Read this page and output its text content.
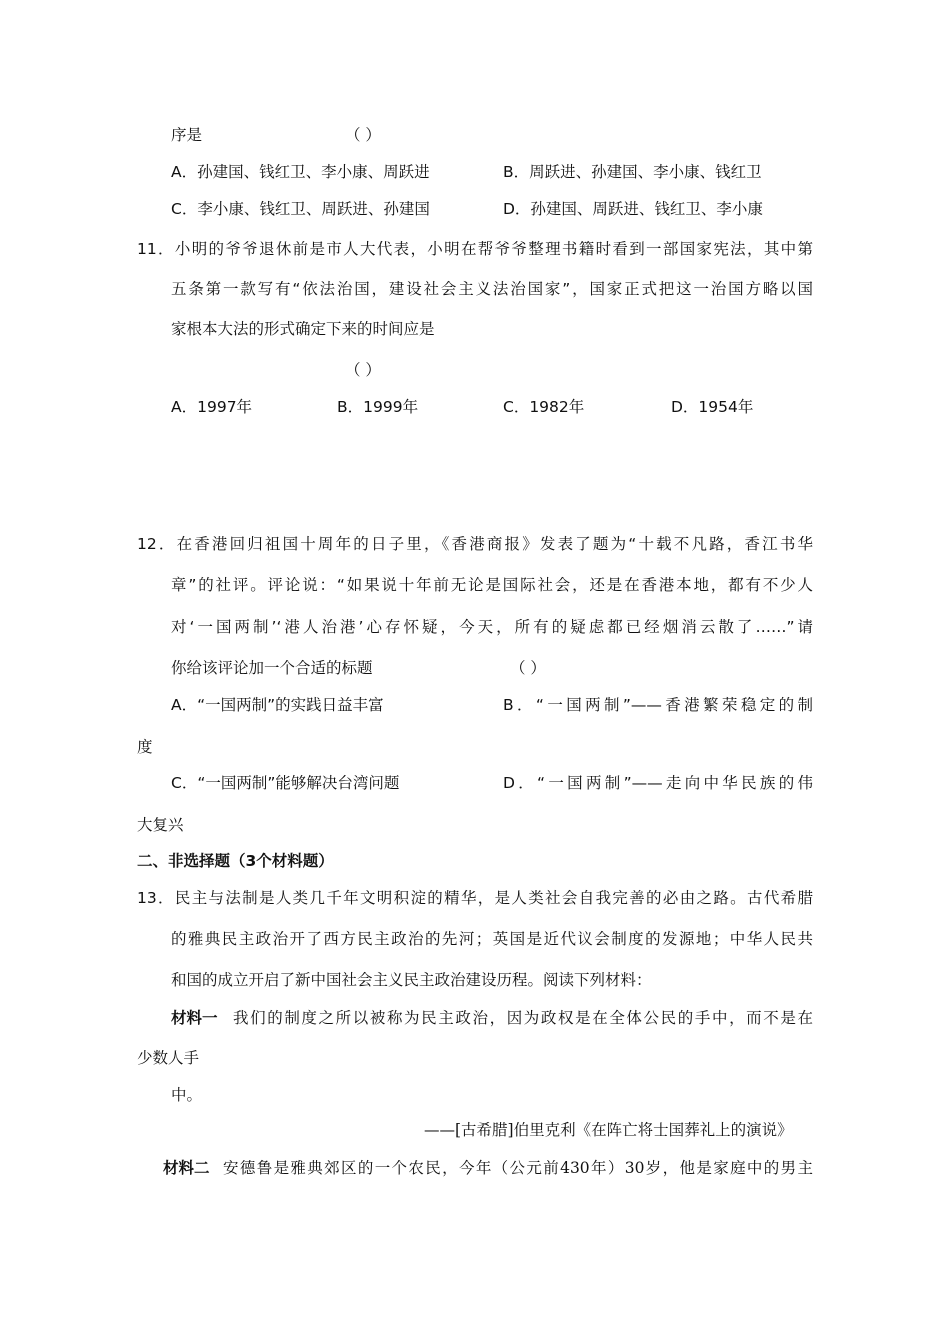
序是	（ ）
A．孙建国、钱红卫、李小康、周跃进	B．周跃进、孙建国、李小康、钱红卫
C．李小康、钱红卫、周跃进、孙建国	D．孙建国、周跃进、钱红卫、李小康
11．小明的爷爷退休前是市人大代表，小明在帮爷爷整理书籍时看到一部国家宪法，其中第
五条第一款写有“依法治国，建设社会主义法治国家”，国家正式把这一治国方略以国
家根本大法的形式确定下来的时间应是
（ ）
A．1997年	B．1999年	C．1982年	D．1954年
12．在香港回归祖国十周年的日子里，《香港商报》发表了题为“十载不凡路，香江书华
章”的社评。评论说：“如果说十年前无论是国际社会，还是在香港本地，都有不少人
对‘一国两制’‘港人治港’心存怀疑，今天，所有的疑虑都已经烟消云散了……”请
你给该评论加一个合适的标题	（ ）
A．“一国两制”的实践日益丰富	B．“一国两制”——香港繁荣稳定的制
度
C．“一国两制”能够解决台湾问题	D．“一国两制”——走向中华民族的伟
大复兴
二、非选择题（3个材料题）
13．民主与法制是人类几千年文明积淀的精华，是人类社会自我完善的必由之路。古代希腊
的雅典民主政治开了西方民主政治的先河；英国是近代议会制度的发源地；中华人民共
和国的成立开启了新中国社会主义民主政治建设历程。阅读下列材料：
材料一 我们的制度之所以被称为民主政治，因为政权是在全体公民的手中，而不是在
少数人手
中。
——[古希腊]伯里克利《在阵亡将士国葬礼上的演说》
材料二 安德鲁是雅典郊区的一个农民，今年（公元前430年）30岁，他是家庭中的男主
